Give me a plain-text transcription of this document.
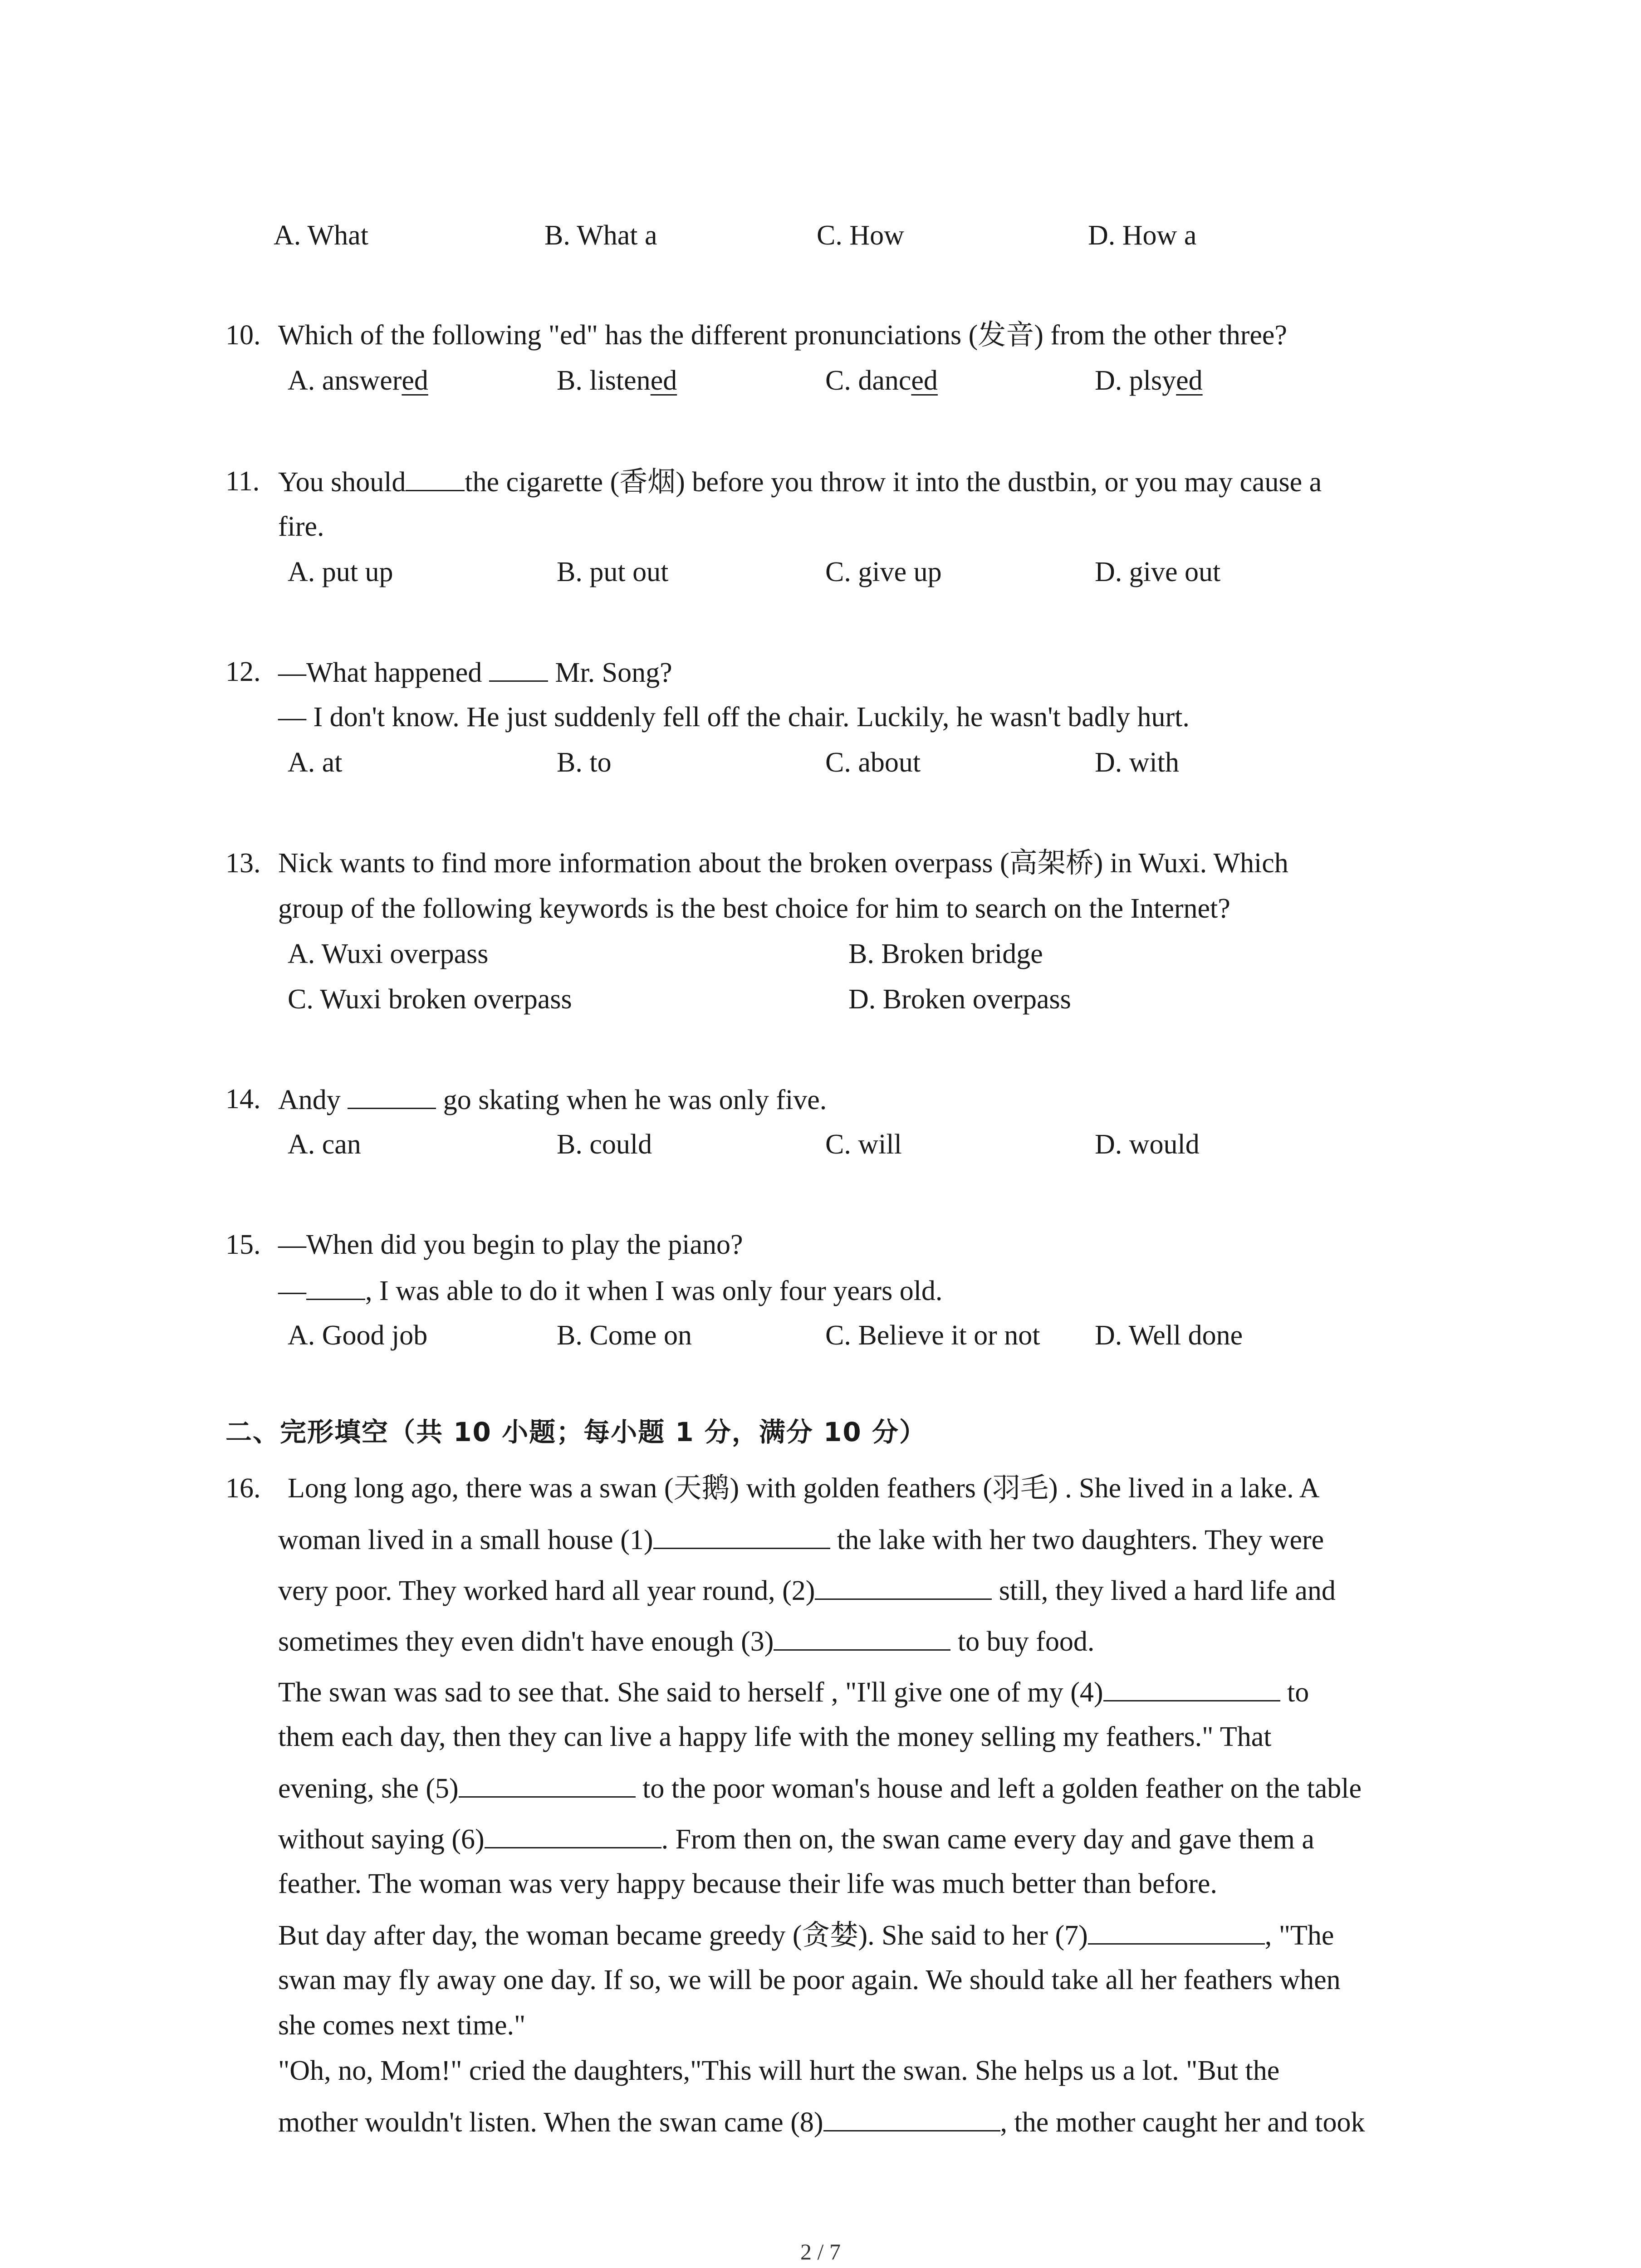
A. What	B. What a	C. How	D. How a
10. Which of the following "ed" has the different pronunciations (发音) from the other three?
A. answered	B. listened	C. danced	D. plsyed
11. You should the cigarette (香烟) before you throw it into the dustbin, or you may cause a
fire.
A. put up	B. put out	C. give up	D. give out
12. —What happened	Mr. Song?
— I don't know. He just suddenly fell off the chair. Luckily, he wasn't badly hurt.
A. at	B. to	C. about	D. with
13. Nick wants to find more information about the broken overpass (高架桥) in Wuxi. Which
group of the following keywords is the best choice for him to search on the Internet?
A. Wuxi overpass	B. Broken bridge
C. Wuxi broken overpass	D. Broken overpass
14. Andy	go skating when he was only five.
A. can	B. could	C. will	D. would
15. —When did you begin to play the piano?
— , I was able to do it when I was only four years old.
A. Good job	B. Come on	C. Believe it or not D. Well done
二、完形填空（共 10 小题；每小题 1 分，满分 10 分）
16. Long long ago, there was a swan (天鹅) with golden feathers (羽毛) . She lived in a lake. A
woman lived in a small house (1)	the lake with her two daughters. They were
very poor. They worked hard all year round, (2)	still, they lived a hard life and
sometimes they even didn't have enough (3)	to buy food.
The swan was sad to see that. She said to herself , "I'll give one of my (4)	to
them each day, then they can live a happy life with the money selling my feathers." That
evening, she (5)	to the poor woman's house and left a golden feather on the table
without saying (6)	. From then on, the swan came every day and gave them a
feather. The woman was very happy because their life was much better than before.
But day after day, the woman became greedy (贪婪). She said to her (7)	, "The
swan may fly away one day. If so, we will be poor again. We should take all her feathers when
she comes next time."
"Oh, no, Mom!" cried the daughters,"This will hurt the swan. She helps us a lot. "But the
mother wouldn't listen. When the swan came (8)	, the mother caught her and took
2 / 7
